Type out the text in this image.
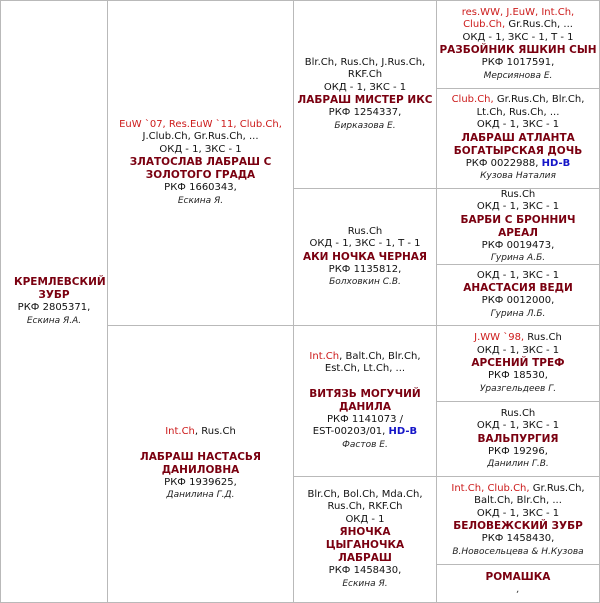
КРЕМЛЕВСКИЙ ЗУБР
РКФ 2805371,
Ескина Я.А.
EuW `07, Res.EuW `11, Club.Ch,
J.Club.Ch, Gr.Rus.Ch, ...
ОКД - 1, ЗКС - 1
ЗЛАТОСЛАВ ЛАБРАШ С ЗОЛОТОГО ГРАДА
РКФ 1660343,
Ескина Я.
Int.Ch, Rus.Ch
ЛАБРАШ НАСТАСЬЯ ДАНИЛОВНА
РКФ 1939625,
Данилина Г.Д.
Blr.Ch, Rus.Ch, J.Rus.Ch, RKF.Ch
ОКД - 1, ЗКС - 1
ЛАБРАШ МИСТЕР ИКС
РКФ 1254337,
Бирказова Е.
Rus.Ch
ОКД - 1, ЗКС - 1, Т - 1
АКИ НОЧКА ЧЕРНАЯ
РКФ 1135812,
Болховкин С.В.
Int.Ch, Balt.Ch, Blr.Ch,
Est.Ch, Lt.Ch, ...
ВИТЯЗЬ МОГУЧИЙ ДАНИЛА
РКФ 1141073 /
EST-00203/01, HD-B
Фастов Е.
Blr.Ch, Bol.Ch, Mda.Ch,
Rus.Ch, RKF.Ch
ОКД - 1
ЯНОЧКА ЦЫГАНОЧКА ЛАБРАШ
РКФ 1458430,
Ескина Я.
res.WW, J.EuW, Int.Ch, Club.Ch, Gr.Rus.Ch, ...
ОКД - 1, ЗКС - 1, Т - 1
РАЗБОЙНИК ЯШКИН СЫН
РКФ 1017591,
Мерсиянова Е.
Club.Ch, Gr.Rus.Ch, Blr.Ch,
Lt.Ch, Rus.Ch, ...
ОКД - 1, ЗКС - 1
ЛАБРАШ АТЛАНТА БОГАТЫРСКАЯ ДОЧЬ
РКФ 0022988, HD-B
Кузова Наталия
Rus.Ch
ОКД - 1, ЗКС - 1
БАРБИ С БРОННИЧ АРЕАЛ
РКФ 0019473,
Гурина А.Б.
ОКД - 1, ЗКС - 1
АНАСТАСИЯ ВЕДИ
РКФ 0012000,
Гурина Л.Б.
J.WW `98, Rus.Ch
ОКД - 1, ЗКС - 1
АРСЕНИЙ ТРЕФ
РКФ 18530,
Уразгельдеев Г.
Rus.Ch
ОКД - 1, ЗКС - 1
ВАЛЬПУРГИЯ
РКФ 19296,
Данилин Г.В.
Int.Ch, Club.Ch, Gr.Rus.Ch,
Balt.Ch, Blr.Ch, ...
ОКД - 1, ЗКС - 1
БЕЛОВЕЖСКИЙ ЗУБР
РКФ 1458430,
В.Новосельцева & Н.Кузова
РОМАШКА
,
